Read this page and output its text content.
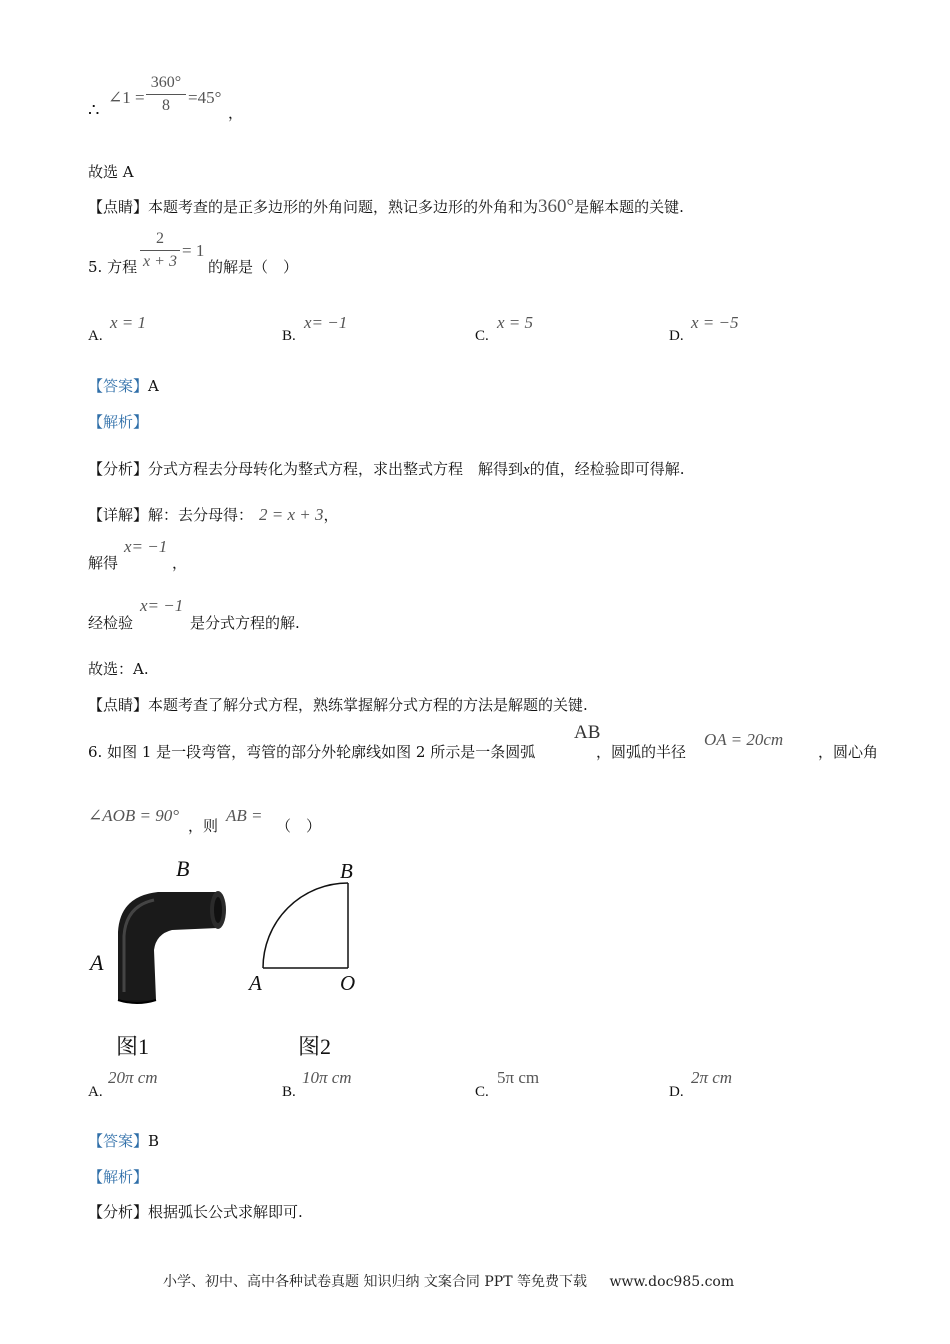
∴
∠1 =
360°
8	=45°
，
故选 A
【点睛】本题考查的是正多边形的外角问题，熟记多边形的外角和为360°是解本题的关键.
5. 方程
2
x + 3
= 1
的解是（　）
A.
x = 1
B.
x= −1
C.
x = 5
D.
x = −5
【答案】A
【解析】
【分析】分式方程去分母转化为整式方程，求出整式方程　解得到x的值，经检验即可得解.
【详解】解：去分母得： 2 = x + 3，
解得
x= −1
，
经检验
x= −1
是分式方程的解.
故选：A.
【点睛】本题考查了解分式方程，熟练掌握解分式方程的方法是解题的关键.
6. 如图 1 是一段弯管，弯管的部分外轮廓线如图 2 所示是一条圆弧
AB
，圆弧的半径
OA = 20cm
，圆心角
∠AOB = 90°
，则
AB =
（　）
B
A
图1
B
A	O
图2
A.
20π cm
B.
10π cm
C.
5π cm
D.
2π cm
【答案】B
【解析】
【分析】根据弧长公式求解即可.
小学、初中、高中各种试卷真题 知识归纳 文案合同 PPT 等免费下载 www.doc985.com
